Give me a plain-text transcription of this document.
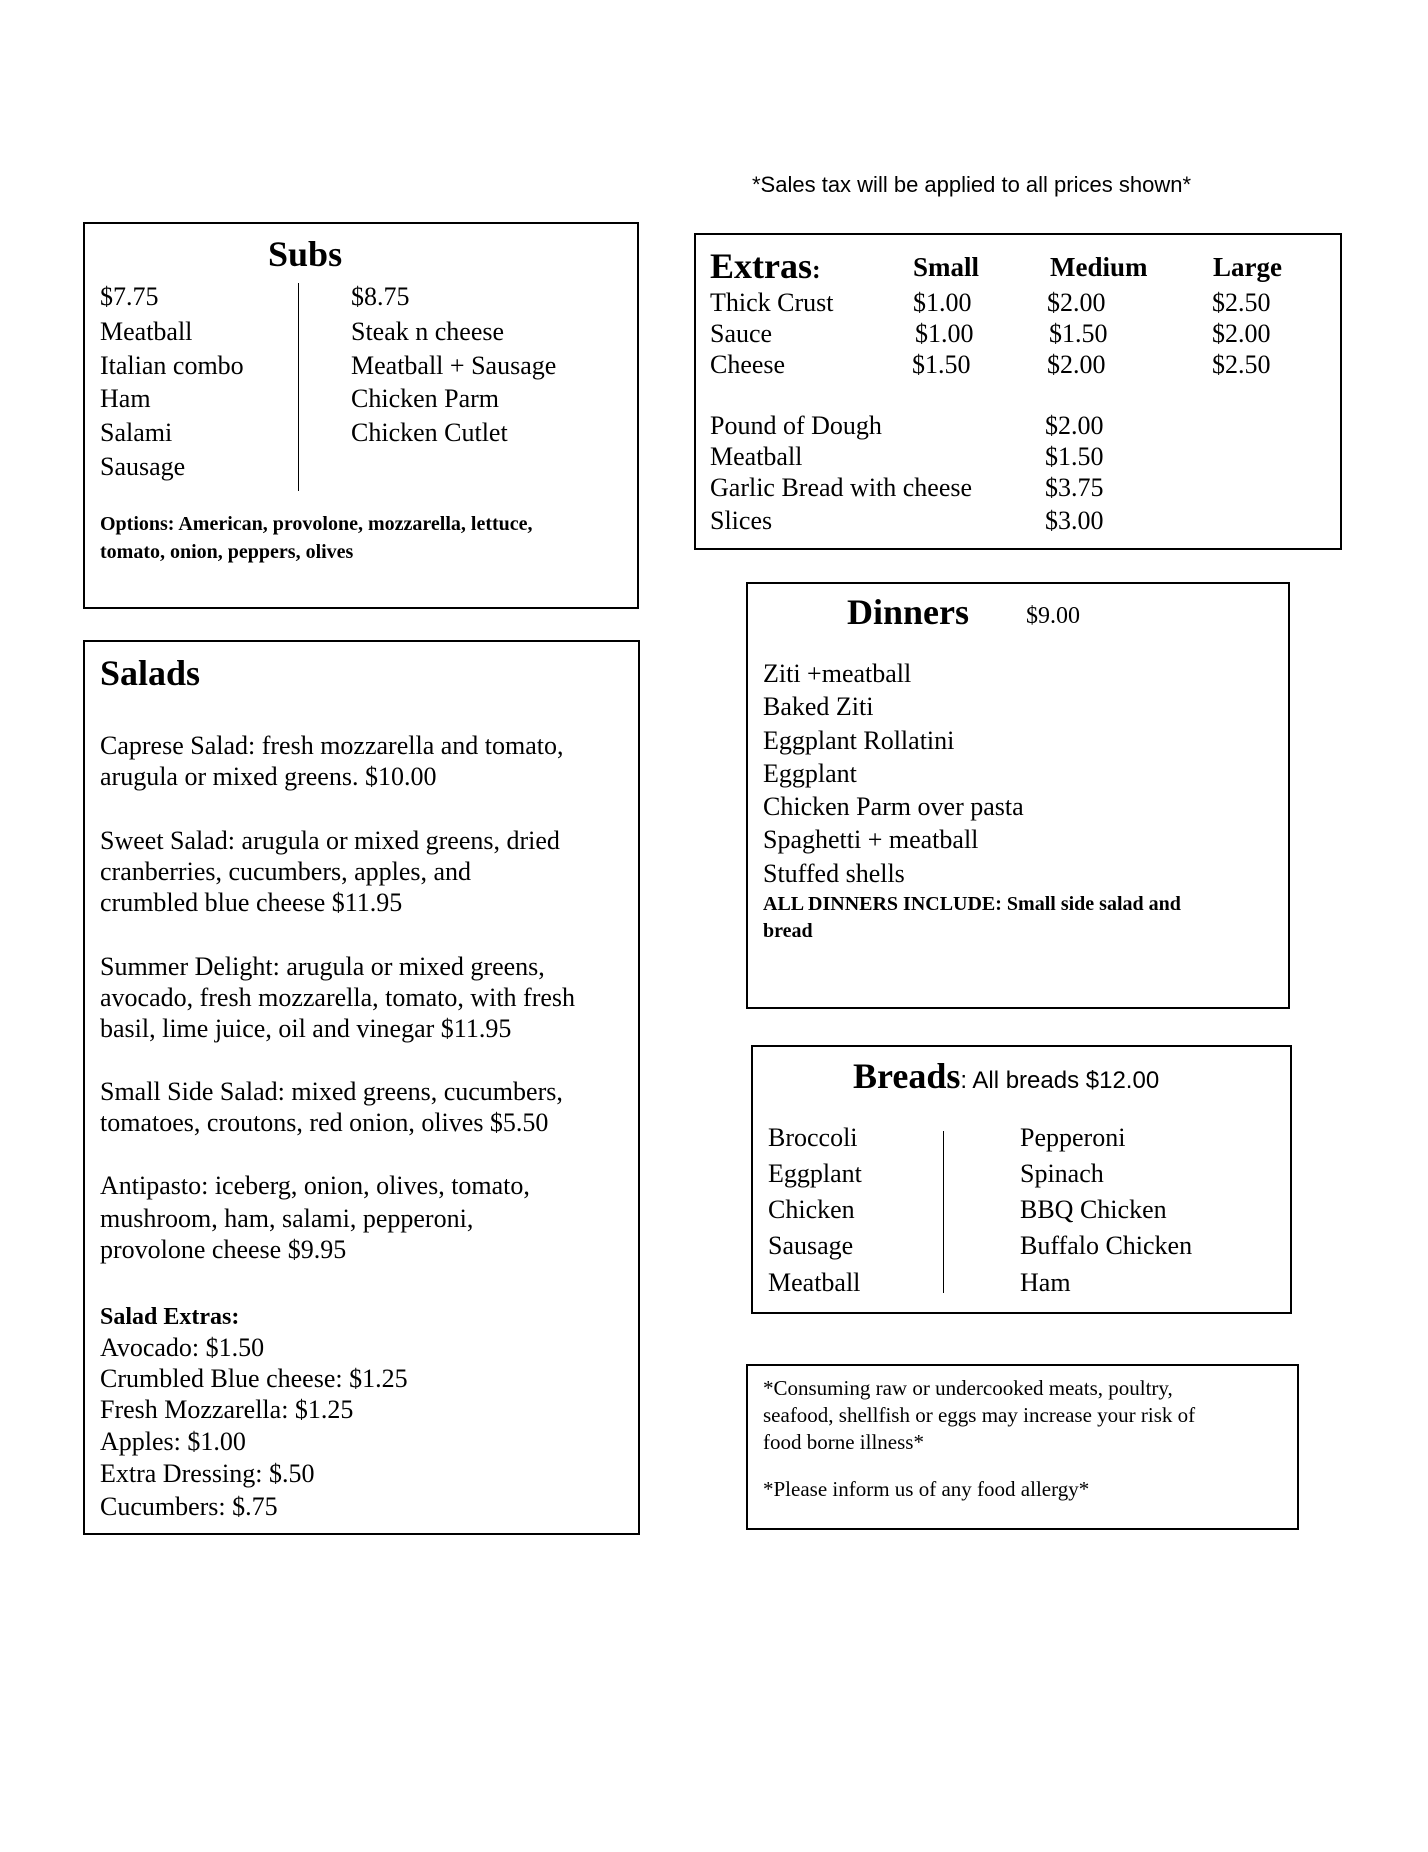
*Sales tax will be applied to all prices shown*
Subs
$7.75
Meatball
Italian combo
Ham
Salami
Sausage
$8.75
Steak n cheese
Meatball + Sausage
Chicken Parm
Chicken Cutlet
Options: American, provolone, mozzarella, lettuce,
tomato, onion, peppers, olives
Extras:	Small	Medium Large
Thick Crust	$1.00	$2.00	$2.50
Sauce	$1.00	$1.50	$2.00
Cheese	$1.50	$2.00	$2.50
Pound of Dough	$2.00
Meatball	$1.50
Garlic Bread with cheese	$3.75
Slices	$3.00
Salads
Caprese Salad: fresh mozzarella and tomato,
arugula or mixed greens. $10.00
Sweet Salad: arugula or mixed greens, dried
cranberries, cucumbers, apples, and
crumbled blue cheese $11.95
Summer Delight: arugula or mixed greens,
avocado, fresh mozzarella, tomato, with fresh
basil, lime juice, oil and vinegar $11.95
Small Side Salad: mixed greens, cucumbers,
tomatoes, croutons, red onion, olives $5.50
Antipasto: iceberg, onion, olives, tomato,
mushroom, ham, salami, pepperoni,
provolone cheese $9.95
Salad Extras:
Avocado: $1.50
Crumbled Blue cheese: $1.25
Fresh Mozzarella: $1.25
Apples: $1.00
Extra Dressing: $.50
Cucumbers: $.75
Dinners $9.00
Ziti +meatball
Baked Ziti
Eggplant Rollatini
Eggplant
Chicken Parm over pasta
Spaghetti + meatball
Stuffed shells
ALL DINNERS INCLUDE: Small side salad and
bread
Breads: All breads $12.00
Broccoli
Eggplant
Chicken
Sausage
Meatball
Pepperoni
Spinach
BBQ Chicken
Buffalo Chicken
Ham
*Consuming raw or undercooked meats, poultry,
seafood, shellfish or eggs may increase your risk of
food borne illness*
*Please inform us of any food allergy*
